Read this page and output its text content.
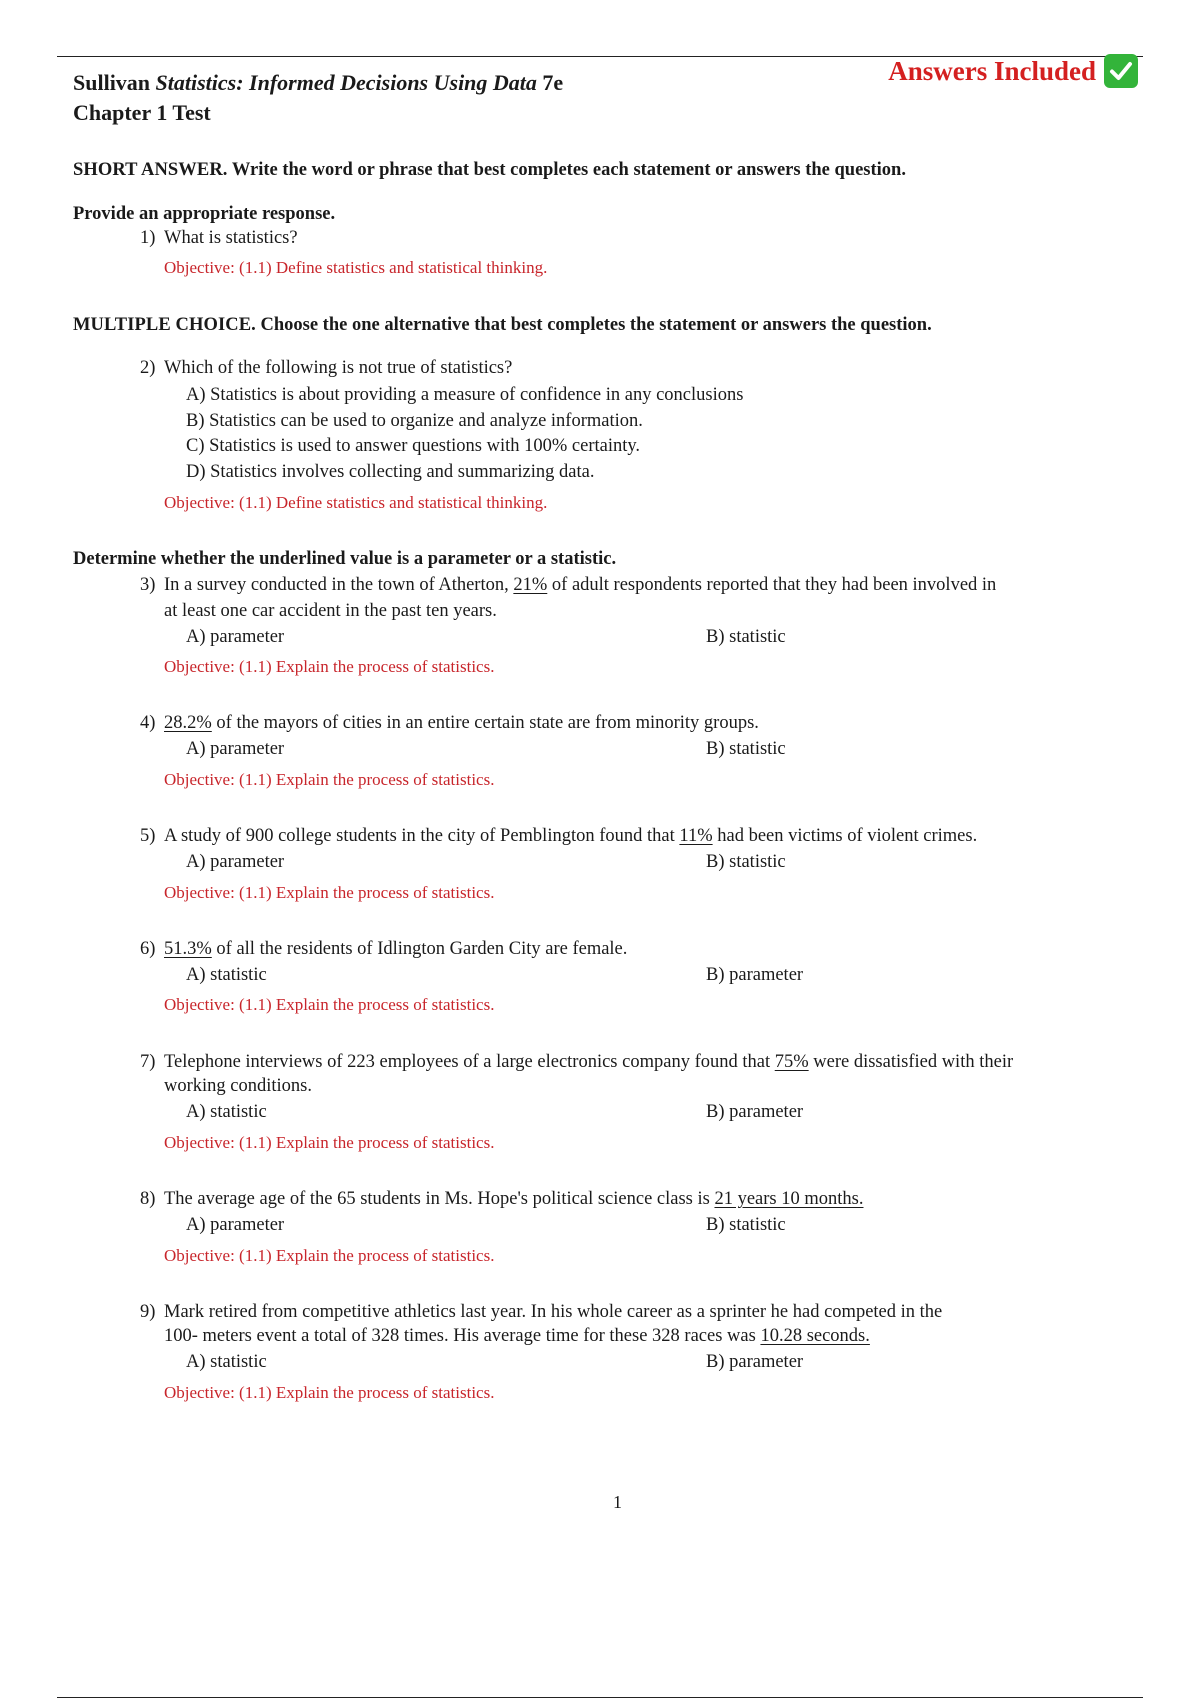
Sullivan Statistics: Informed Decisions Using Data 7e
Chapter 1 Test
Answers Included
SHORT ANSWER. Write the word or phrase that best completes each statement or answers the question.
Provide an appropriate response.
1) What is statistics?
Objective: (1.1) Define statistics and statistical thinking.
MULTIPLE CHOICE. Choose the one alternative that best completes the statement or answers the question.
2) Which of the following is not true of statistics?
A) Statistics is about providing a measure of confidence in any conclusions
B) Statistics can be used to organize and analyze information.
C) Statistics is used to answer questions with 100% certainty.
D) Statistics involves collecting and summarizing data.
Objective: (1.1) Define statistics and statistical thinking.
Determine whether the underlined value is a parameter or a statistic.
3) In a survey conducted in the town of Atherton, 21% of adult respondents reported that they had been involved in
at least one car accident in the past ten years.
A) parameter	B) statistic
Objective: (1.1) Explain the process of statistics.
4) 28.2% of the mayors of cities in an entire certain state are from minority groups.
A) parameter	B) statistic
Objective: (1.1) Explain the process of statistics.
5) A study of 900 college students in the city of Pemblington found that 11% had been victims of violent crimes.
A) parameter	B) statistic
Objective: (1.1) Explain the process of statistics.
6) 51.3% of all the residents of Idlington Garden City are female.
A) statistic	B) parameter
Objective: (1.1) Explain the process of statistics.
7) Telephone interviews of 223 employees of a large electronics company found that 75% were dissatisfied with their
working conditions.
A) statistic	B) parameter
Objective: (1.1) Explain the process of statistics.
8) The average age of the 65 students in Ms. Hope's political science class is 21 years 10 months.
A) parameter	B) statistic
Objective: (1.1) Explain the process of statistics.
9) Mark retired from competitive athletics last year. In his whole career as a sprinter he had competed in the
100- meters event a total of 328 times. His average time for these 328 races was 10.28 seconds.
A) statistic	B) parameter
Objective: (1.1) Explain the process of statistics.
1
